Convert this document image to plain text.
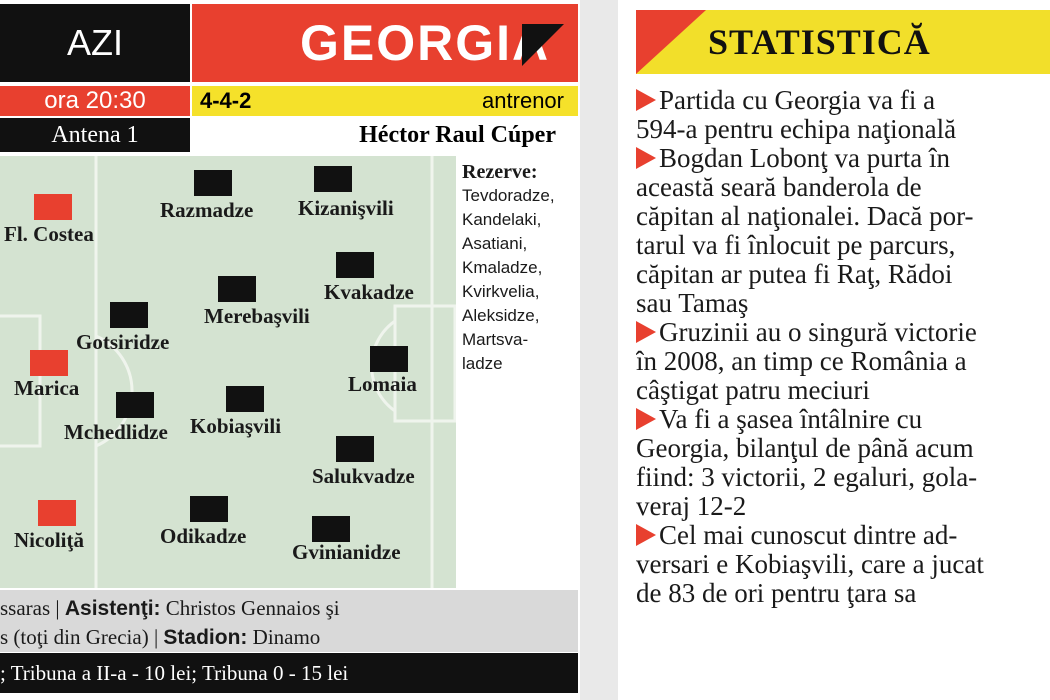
AZI	GEORGIA
ora 20:30	4-4-2	antrenor
Antena 1	Héctor Raul Cúper
Fl. Costea
Razmadze Kizanişvili
Kvakadze
Merebaşvili
Gotsiridze
Marica	Lomaia
Mchedlidze Kobiaşvili
Salukvadze
Nicoliţă	Odikadze
Gvinianidze
Rezerve:
Tevdoradze,
Kandelaki,
Asatiani,
Kmaladze,
Kvirkvelia,
Aleksidze,
Martsva-
ladze
ssaras | Asistenţi: Christos Gennaios şi
s (toţi din Grecia) | Stadion: Dinamo
; Tribuna a II-a - 10 lei; Tribuna 0 - 15 lei
STATISTICĂ
Partida cu Georgia va fi a
594-a pentru echipa naţională
Bogdan Lobonţ va purta în
această seară banderola de
căpitan al naţionalei. Dacă por-
tarul va fi înlocuit pe parcurs,
căpitan ar putea fi Raţ, Rădoi
sau Tamaş
Gruzinii au o singură victorie
în 2008, an timp ce România a
câştigat patru meciuri
Va fi a şasea întâlnire cu
Georgia, bilanţul de până acum
fiind: 3 victorii, 2 egaluri, gola-
veraj 12-2
Cel mai cunoscut dintre ad-
versari e Kobiaşvili, care a jucat
de 83 de ori pentru ţara sa
